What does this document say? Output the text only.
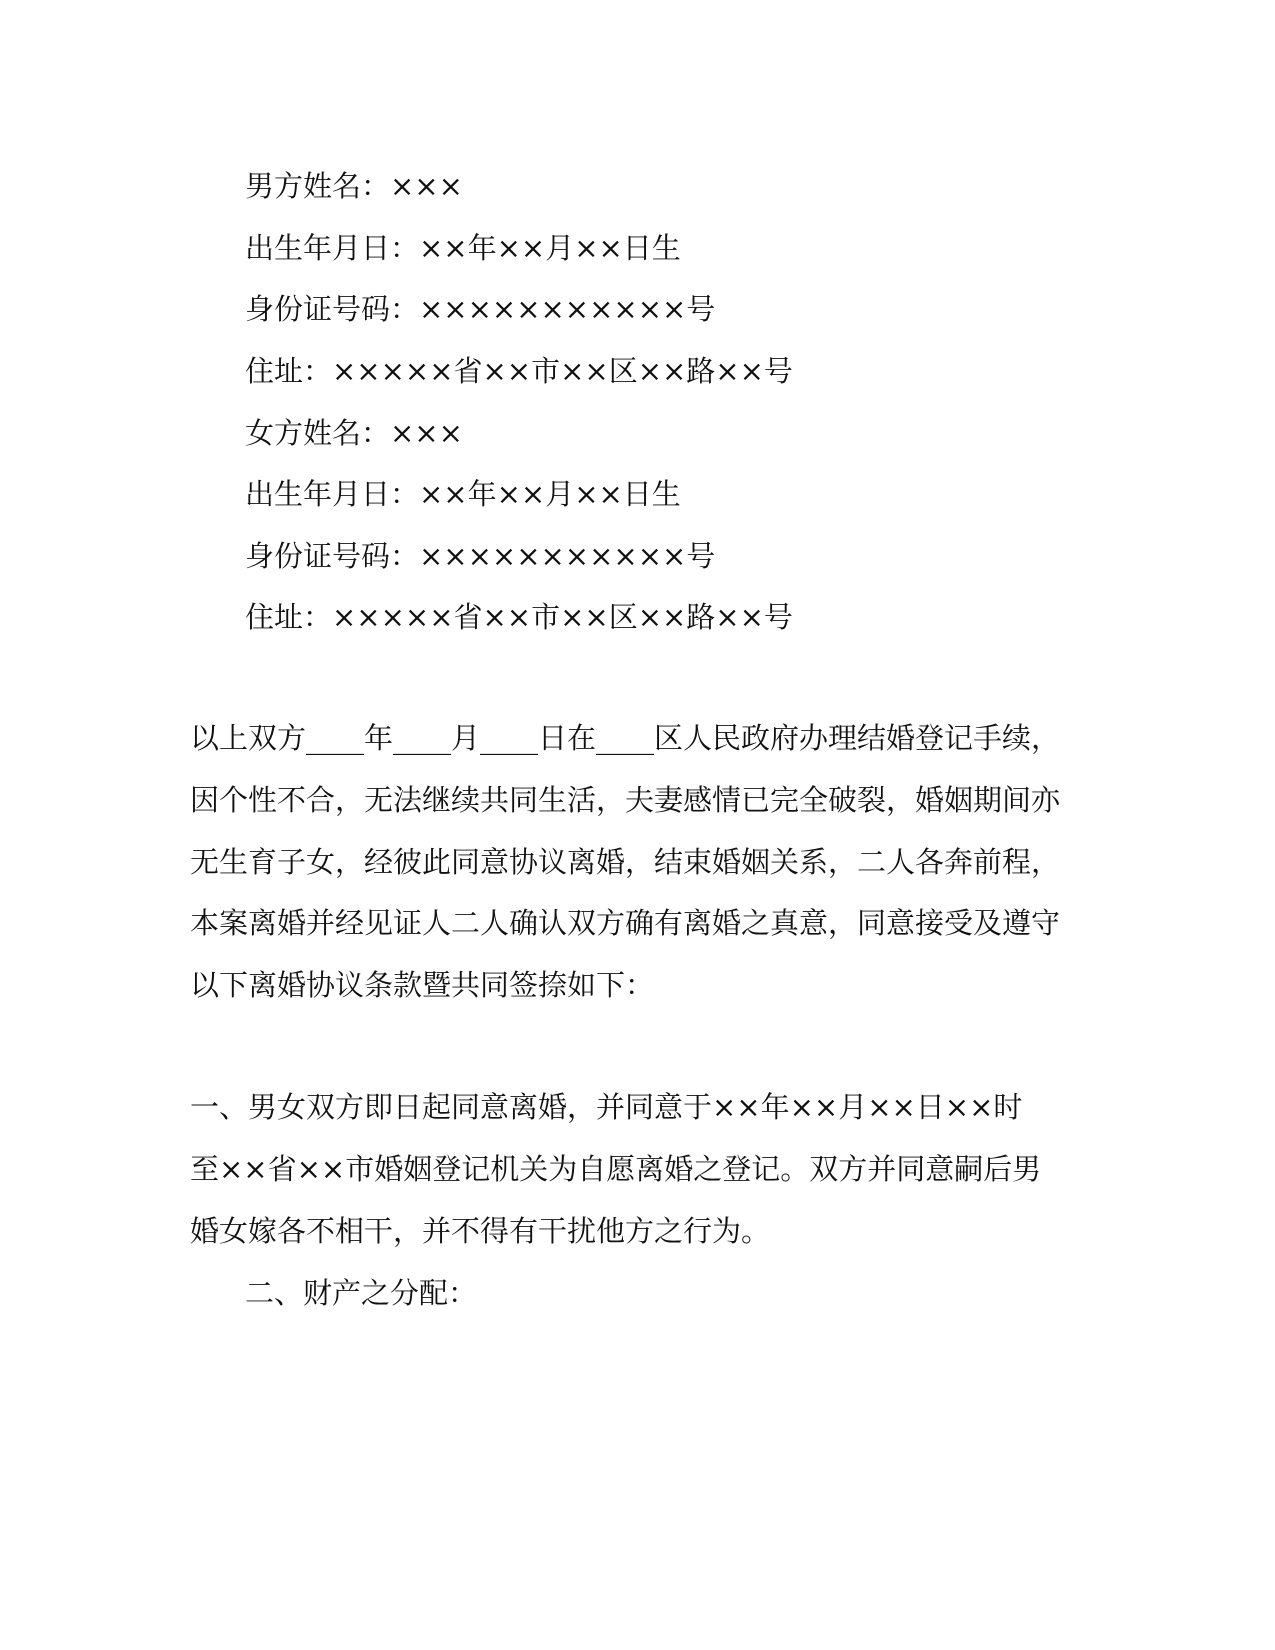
男方姓名：×××
出生年月日：××年××月××日生
身份证号码：×××××××××××号
住址：×××××省××市××区××路××号
女方姓名：×××
出生年月日：××年××月××日生
身份证号码：×××××××××××号
住址：×××××省××市××区××路××号
以上双方____年____月____日在____区人民政府办理结婚登记手续，
因个性不合，无法继续共同生活，夫妻感情已完全破裂，婚姻期间亦
无生育子女，经彼此同意协议离婚，结束婚姻关系，二人各奔前程，
本案离婚并经见证人二人确认双方确有离婚之真意，同意接受及遵守
以下离婚协议条款暨共同签捺如下：
一、男女双方即日起同意离婚，并同意于××年××月××日××时
至××省××市婚姻登记机关为自愿离婚之登记。双方并同意嗣后男
婚女嫁各不相干，并不得有干扰他方之行为。
二、财产之分配：
